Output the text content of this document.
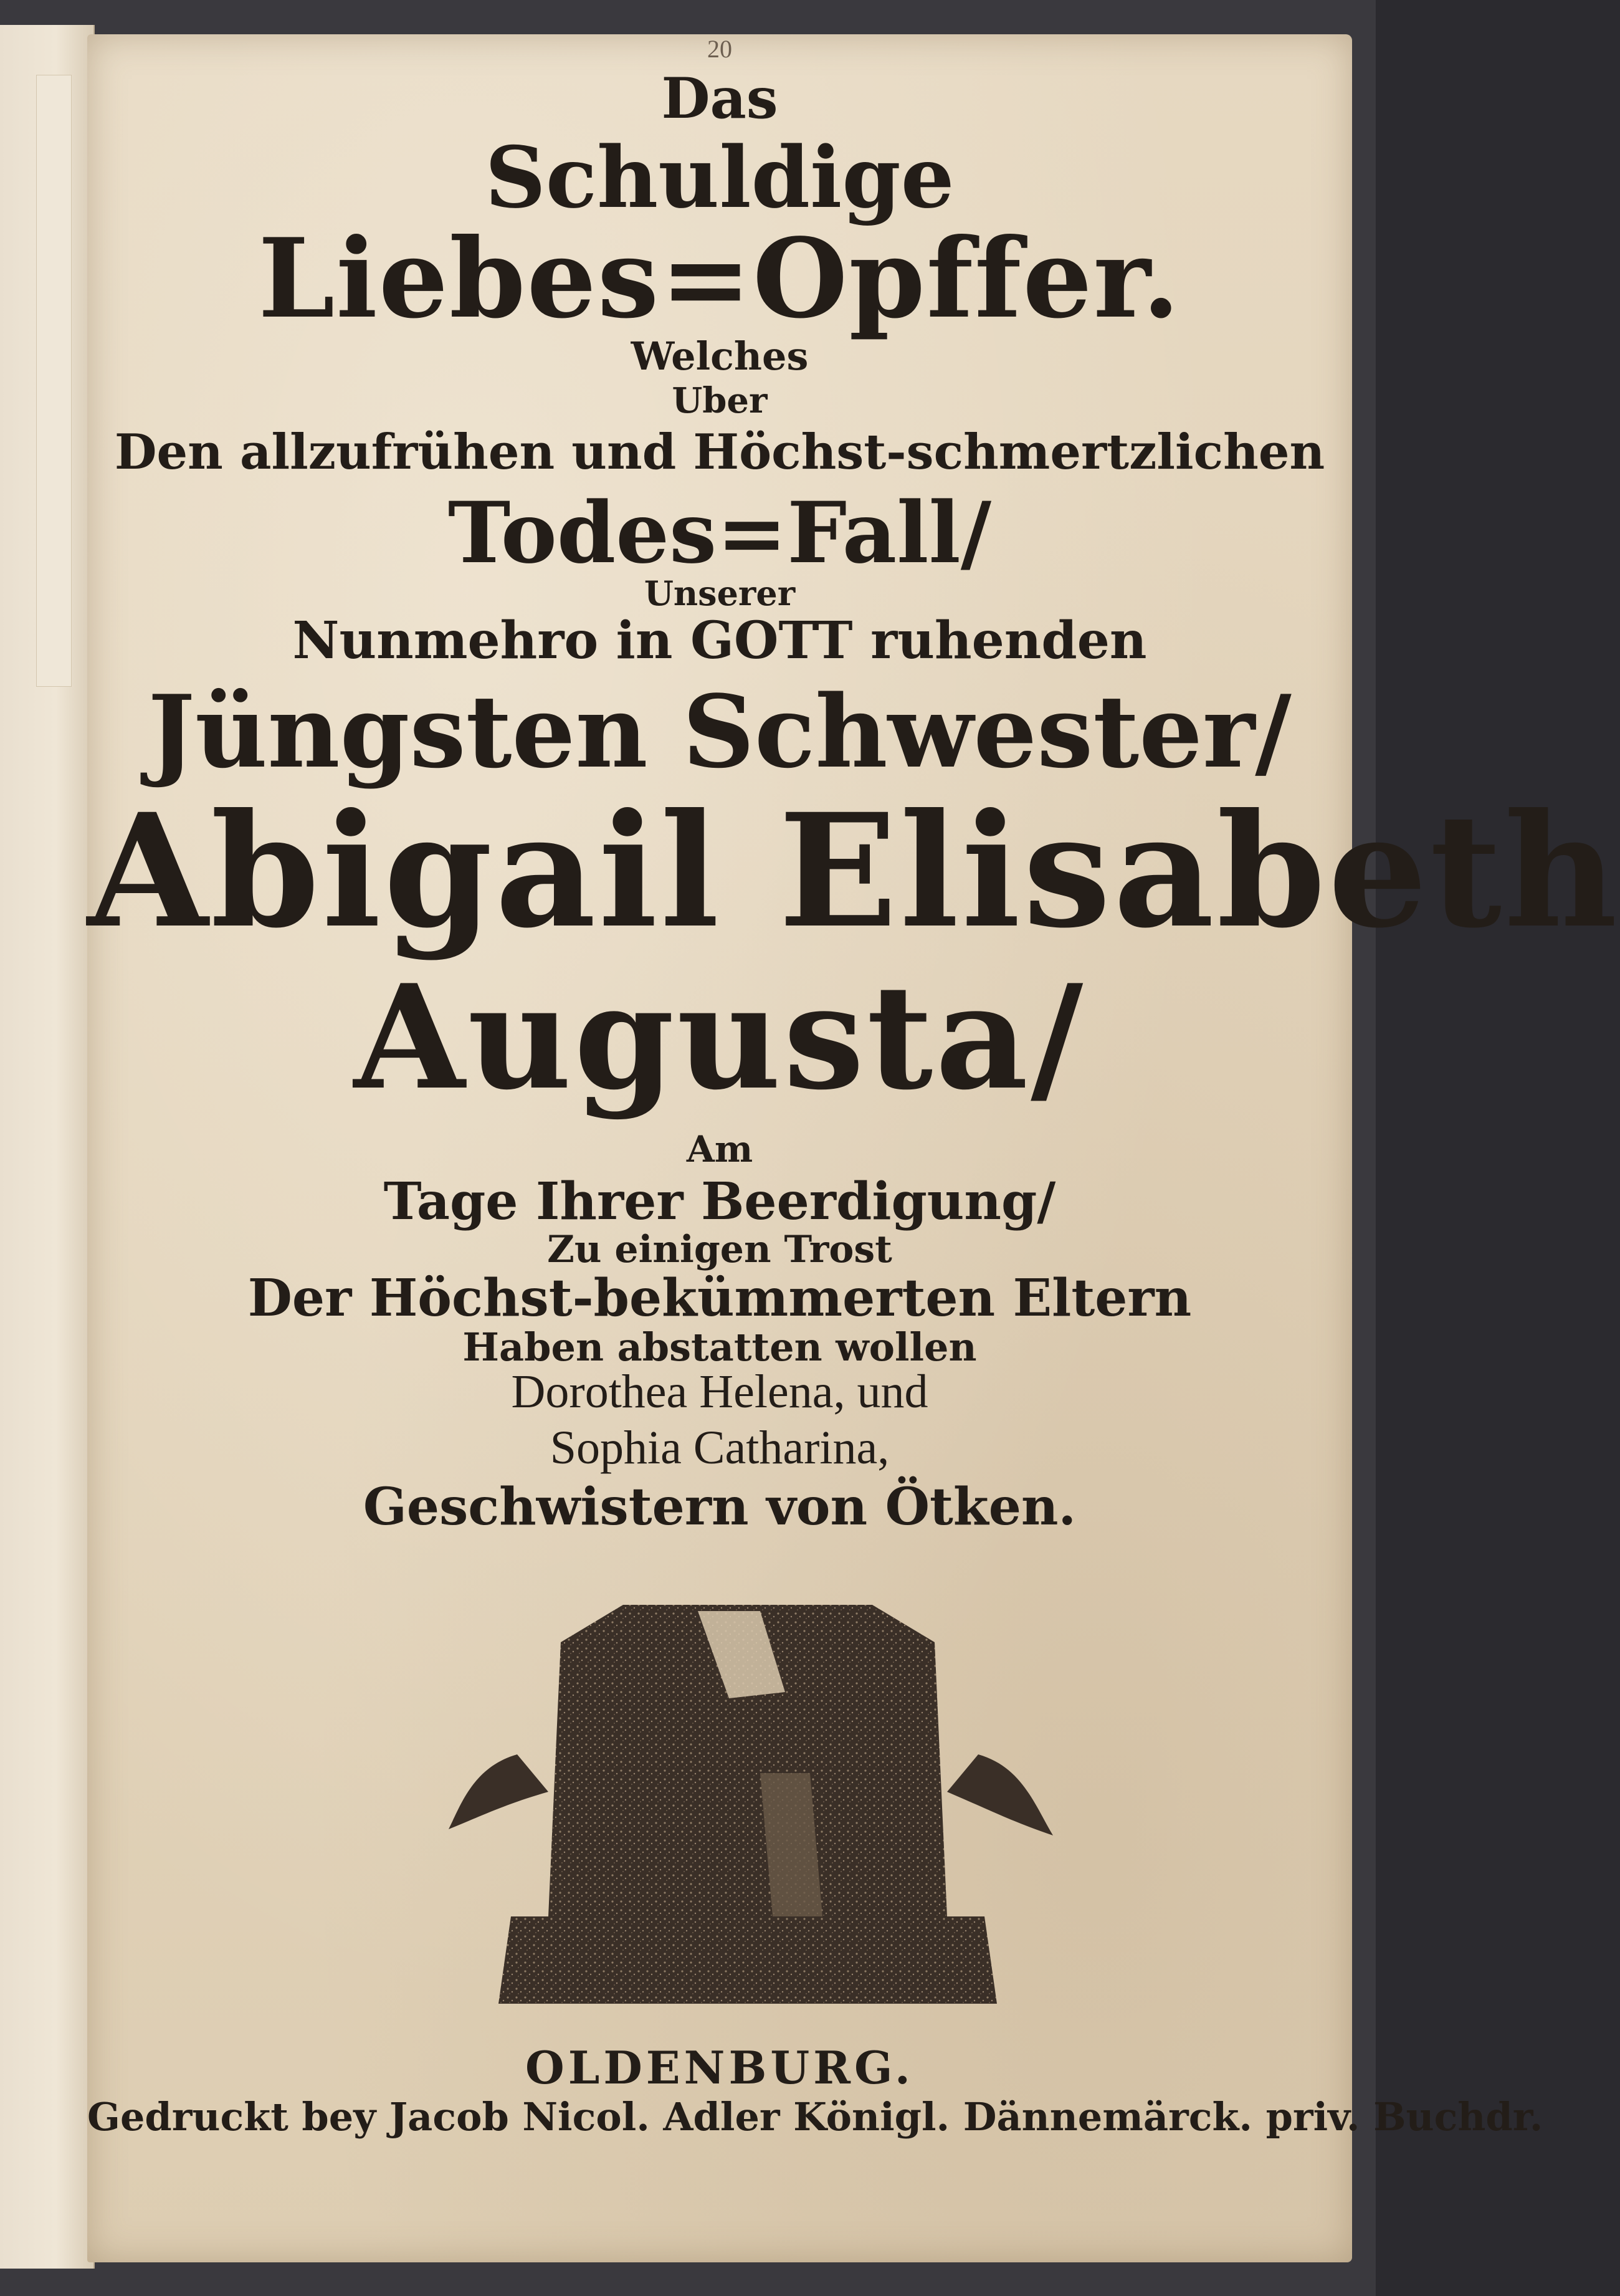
20
Das
Schuldige
Liebes=Opffer.
Welches
Uber
Den allzufrühen und Höchst-schmertzlichen
Todes=Fall/
Unserer
Nunmehro in GOTT ruhenden
Jüngsten Schwester/
Abigail Elisabeth
Augusta/
Am
Tage Ihrer Beerdigung/
Zu einigen Trost
Der Höchst-bekümmerten Eltern
Haben abstatten wollen
Dorothea Helena, und
Sophia Catharina,
Geschwistern von Ötken.
OLDENBURG.
Gedruckt bey Jacob Nicol. Adler Königl. Dännemärck. priv. Buchdr.
